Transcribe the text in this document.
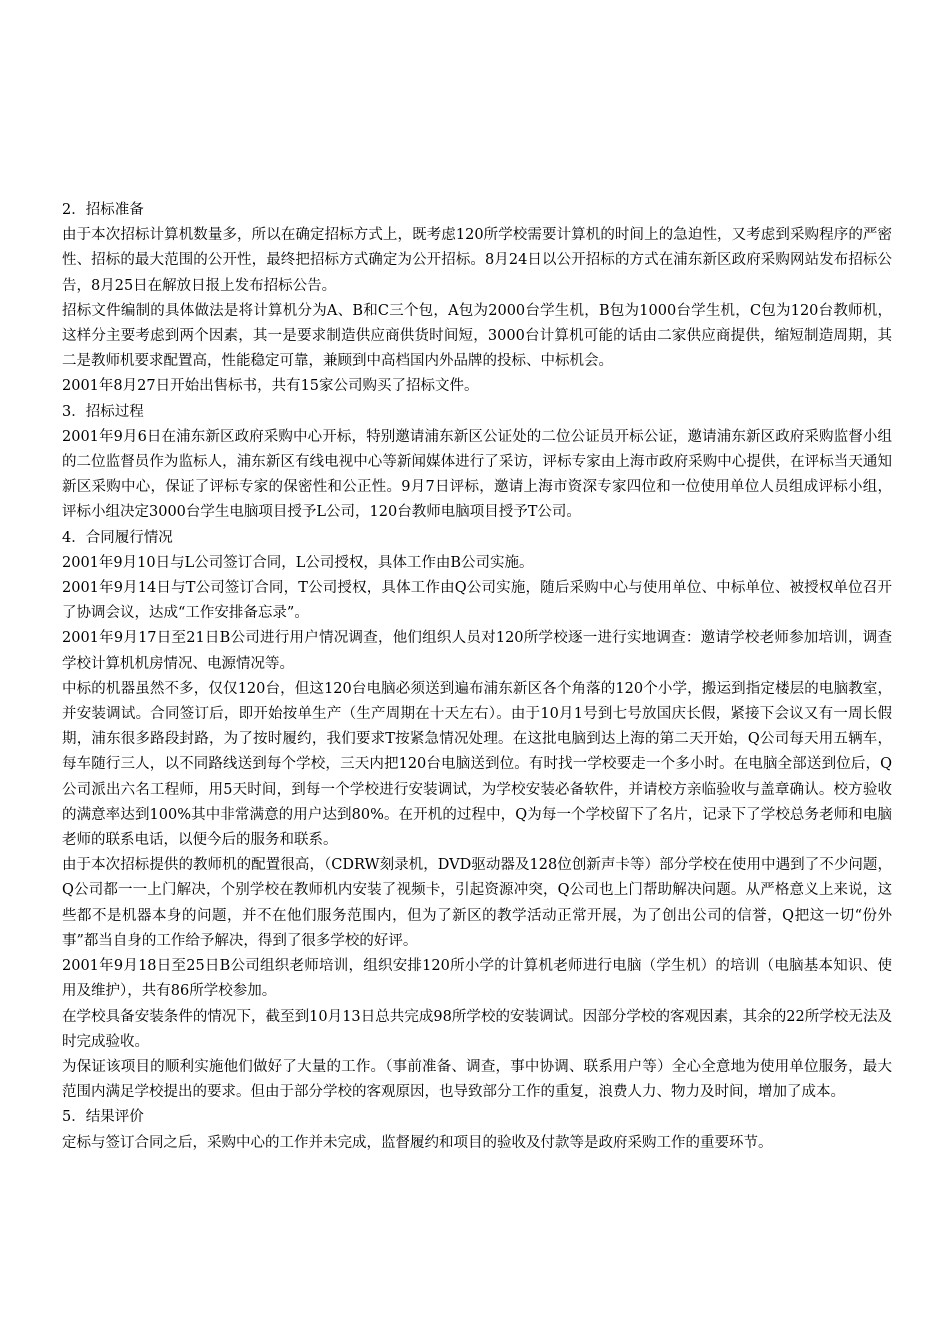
2．招标准备

由于本次招标计算机数量多，所以在确定招标方式上，既考虑120所学校需要计算机的时间上的急迫性，又考虑到采购程序的严密性、招标的最大范围的公开性，最终把招标方式确定为公开招标。8月24日以公开招标的方式在浦东新区政府采购网站发布招标公告，8月25日在解放日报上发布招标公告。

招标文件编制的具体做法是将计算机分为A、B和C三个包，A包为2000台学生机，B包为1000台学生机，C包为120台教师机，这样分主要考虑到两个因素，其一是要求制造供应商供货时间短，3000台计算机可能的话由二家供应商提供，缩短制造周期，其二是教师机要求配置高，性能稳定可靠，兼顾到中高档国内外品牌的投标、中标机会。

2001年8月27日开始出售标书，共有15家公司购买了招标文件。

3．招标过程

2001年9月6日在浦东新区政府采购中心开标，特别邀请浦东新区公证处的二位公证员开标公证，邀请浦东新区政府采购监督小组的二位监督员作为监标人，浦东新区有线电视中心等新闻媒体进行了采访，评标专家由上海市政府采购中心提供，在评标当天通知新区采购中心，保证了评标专家的保密性和公正性。9月7日评标，邀请上海市资深专家四位和一位使用单位人员组成评标小组，评标小组决定3000台学生电脑项目授予L公司，120台教师电脑项目授予T公司。

4．合同履行情况

2001年9月10日与L公司签订合同，L公司授权，具体工作由B公司实施。

2001年9月14日与T公司签订合同，T公司授权，具体工作由Q公司实施，随后采购中心与使用单位、中标单位、被授权单位召开了协调会议，达成“工作安排备忘录”。

2001年9月17日至21日B公司进行用户情况调查，他们组织人员对120所学校逐一进行实地调查：邀请学校老师参加培训，调查学校计算机机房情况、电源情况等。

中标的机器虽然不多，仅仅120台，但这120台电脑必须送到遍布浦东新区各个角落的120个小学，搬运到指定楼层的电脑教室，并安装调试。合同签订后，即开始按单生产（生产周期在十天左右）。由于10月1号到七号放国庆长假，紧接下会议又有一周长假期，浦东很多路段封路，为了按时履约，我们要求T按紧急情况处理。在这批电脑到达上海的第二天开始，Q公司每天用五辆车，每车随行三人，以不同路线送到每个学校，三天内把120台电脑送到位。有时找一学校要走一个多小时。在电脑全部送到位后，Q公司派出六名工程师，用5天时间，到每一个学校进行安装调试，为学校安装必备软件，并请校方亲临验收与盖章确认。校方验收的满意率达到100%其中非常满意的用户达到80%。在开机的过程中，Q为每一个学校留下了名片，记录下了学校总务老师和电脑老师的联系电话，以便今后的服务和联系。

由于本次招标提供的教师机的配置很高，（CDRW刻录机，DVD驱动器及128位创新声卡等）部分学校在使用中遇到了不少问题，Q公司都一一上门解决，个别学校在教师机内安装了视频卡，引起资源冲突，Q公司也上门帮助解决问题。从严格意义上来说，这些都不是机器本身的问题，并不在他们服务范围内，但为了新区的教学活动正常开展，为了创出公司的信誉，Q把这一切“份外事”都当自身的工作给予解决，得到了很多学校的好评。

2001年9月18日至25日B公司组织老师培训，组织安排120所小学的计算机老师进行电脑（学生机）的培训（电脑基本知识、使用及维护），共有86所学校参加。

在学校具备安装条件的情况下，截至到10月13日总共完成98所学校的安装调试。因部分学校的客观因素，其余的22所学校无法及时完成验收。

为保证该项目的顺利实施他们做好了大量的工作。（事前准备、调查，事中协调、联系用户等）全心全意地为使用单位服务，最大范围内满足学校提出的要求。但由于部分学校的客观原因，也导致部分工作的重复，浪费人力、物力及时间，增加了成本。

5．结果评价

定标与签订合同之后，采购中心的工作并未完成，监督履约和项目的验收及付款等是政府采购工作的重要环节。
